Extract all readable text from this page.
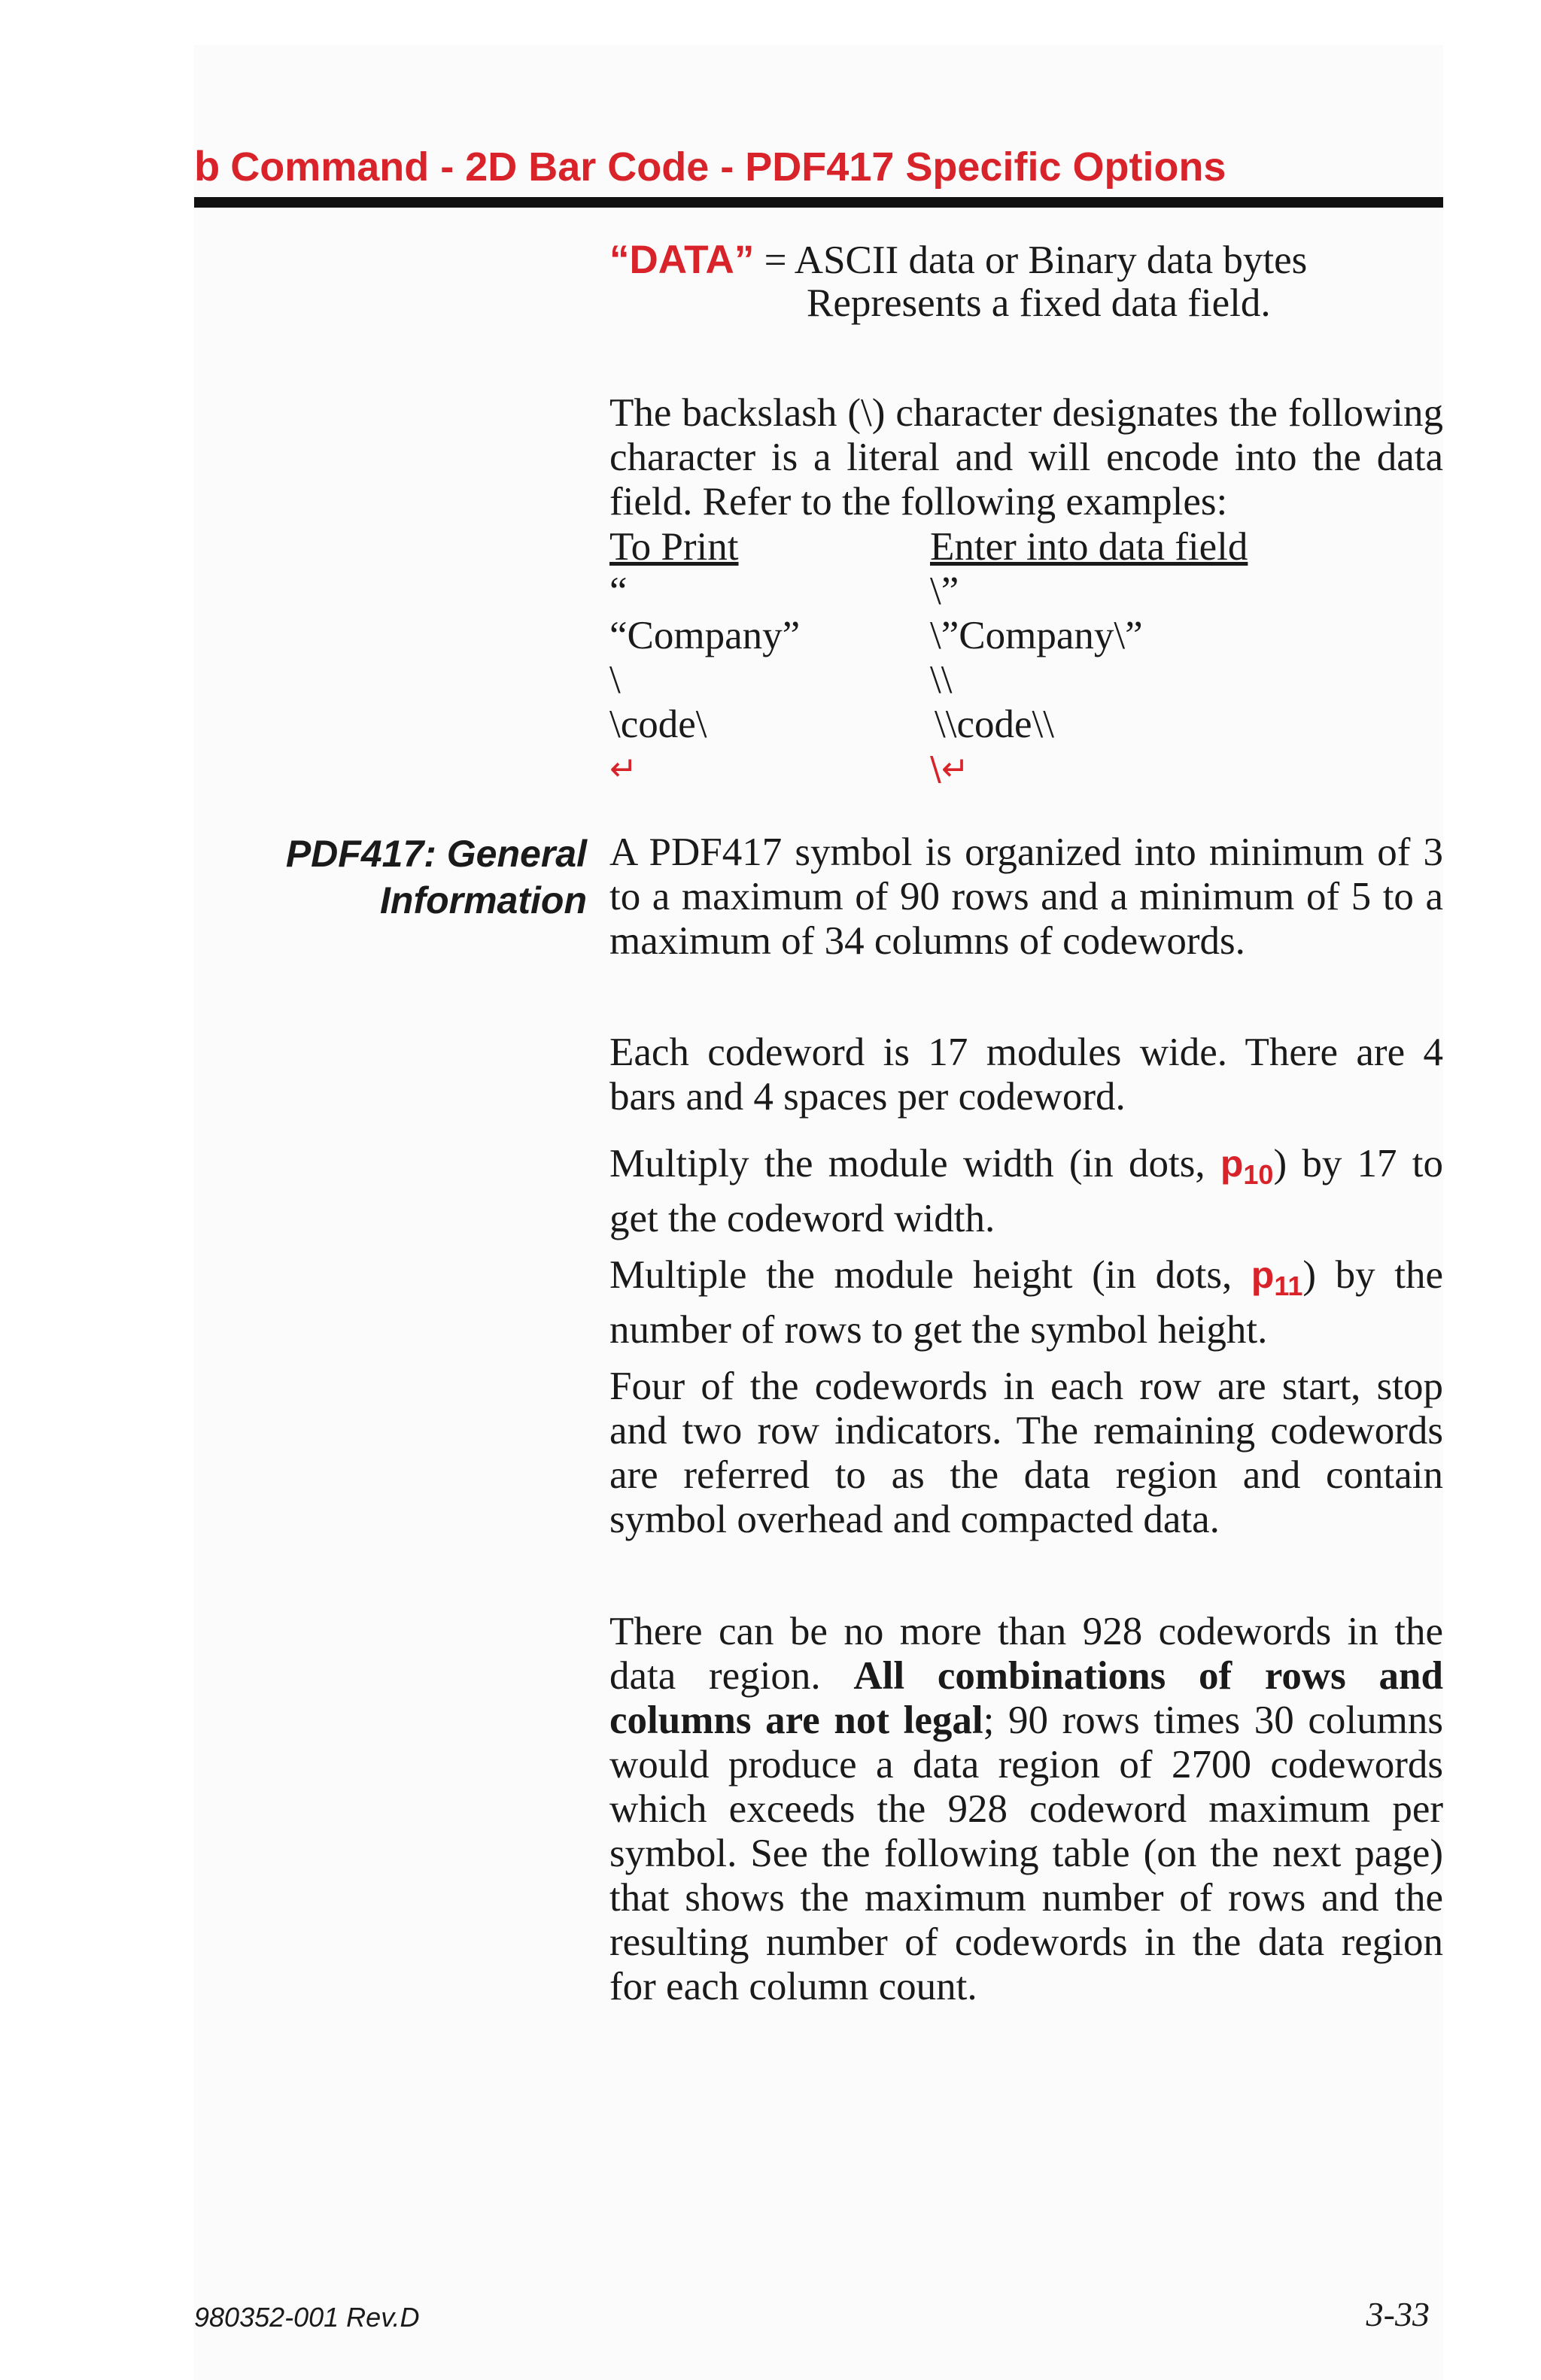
b Command - 2D Bar Code - PDF417 Specific Options
“DATA” = ASCII data or Binary data bytes
Represents a fixed data field.

The backslash (\) character designates the following character is a literal and will encode into the data field. Refer to the following examples:

To Print	Enter into data field
“	\”
“Company”	\”Company\”
\	\\
\code\	\\code\\
↵	\↵
PDF417: General
Information

A PDF417 symbol is organized into minimum of 3 to a maximum of 90 rows and a minimum of 5 to a maximum of 34 columns of codewords.

Each codeword is 17 modules wide. There are 4 bars and 4 spaces per codeword.

Multiply the module width (in dots, $p_{10}$) by 17 to get the codeword width.

Multiple the module height (in dots, $p_{11}$) by the number of rows to get the symbol height.

Four of the codewords in each row are start, stop and two row indicators. The remaining codewords are referred to as the data region and contain symbol overhead and compacted data.

There can be no more than 928 codewords in the data region. All combinations of rows and columns are not legal; 90 rows times 30 columns would produce a data region of 2700 codewords which exceeds the 928 codeword maximum per symbol. See the following table (on the next page) that shows the maximum number of rows and the resulting number of codewords in the data region for each column count.

980352-001 Rev.D	3-33
